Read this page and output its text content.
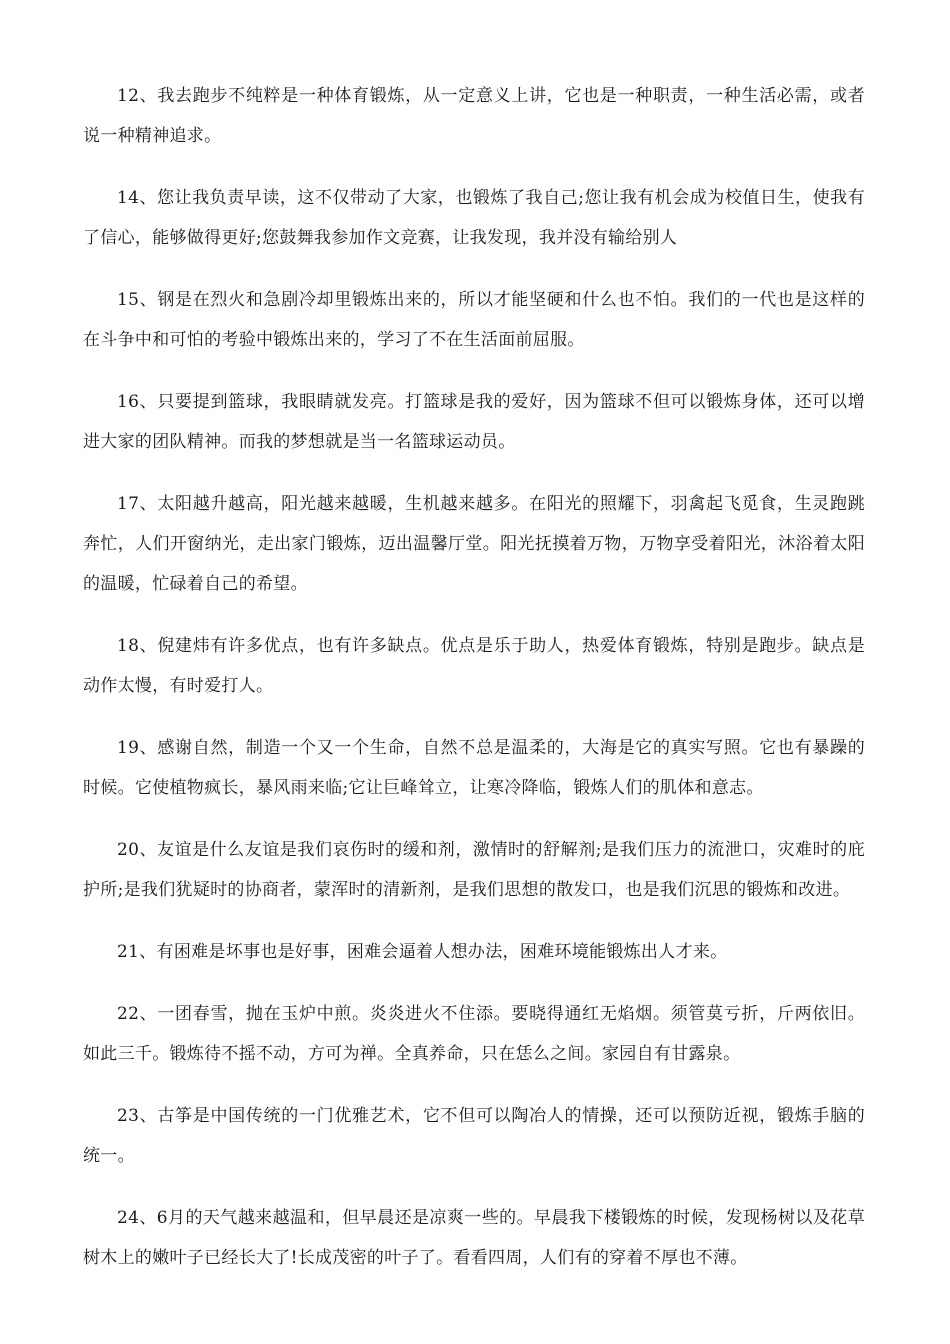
12、我去跑步不纯粹是一种体育锻炼，从一定意义上讲，它也是一种职责，一种生活必需，或者说一种精神追求。

14、您让我负责早读，这不仅带动了大家，也锻炼了我自己;您让我有机会成为校值日生，使我有了信心，能够做得更好;您鼓舞我参加作文竞赛，让我发现，我并没有输给别人

15、钢是在烈火和急剧冷却里锻炼出来的，所以才能坚硬和什么也不怕。我们的一代也是这样的在斗争中和可怕的考验中锻炼出来的，学习了不在生活面前屈服。

16、只要提到篮球，我眼睛就发亮。打篮球是我的爱好，因为篮球不但可以锻炼身体，还可以增进大家的团队精神。而我的梦想就是当一名篮球运动员。

17、太阳越升越高，阳光越来越暖，生机越来越多。在阳光的照耀下，羽禽起飞觅食，生灵跑跳奔忙，人们开窗纳光，走出家门锻炼，迈出温馨厅堂。阳光抚摸着万物，万物享受着阳光，沐浴着太阳的温暖，忙碌着自己的希望。

18、倪建炜有许多优点，也有许多缺点。优点是乐于助人，热爱体育锻炼，特别是跑步。缺点是动作太慢，有时爱打人。

19、感谢自然，制造一个又一个生命，自然不总是温柔的，大海是它的真实写照。它也有暴躁的时候。它使植物疯长，暴风雨来临;它让巨峰耸立，让寒冷降临，锻炼人们的肌体和意志。

20、友谊是什么友谊是我们哀伤时的缓和剂，激情时的舒解剂;是我们压力的流泄口，灾难时的庇护所;是我们犹疑时的协商者，蒙浑时的清新剂，是我们思想的散发口，也是我们沉思的锻炼和改进。

21、有困难是坏事也是好事，困难会逼着人想办法，困难环境能锻炼出人才来。

22、一团春雪，抛在玉炉中煎。炎炎进火不住添。要晓得通红无焰烟。须管莫亏折，斤两依旧。如此三千。锻炼待不摇不动，方可为禅。全真养命，只在恁么之间。家园自有甘露泉。

23、古筝是中国传统的一门优雅艺术，它不但可以陶冶人的情操，还可以预防近视，锻炼手脑的统一。

24、6月的天气越来越温和，但早晨还是凉爽一些的。早晨我下楼锻炼的时候，发现杨树以及花草树木上的嫩叶子已经长大了!长成茂密的叶子了。看看四周，人们有的穿着不厚也不薄。
